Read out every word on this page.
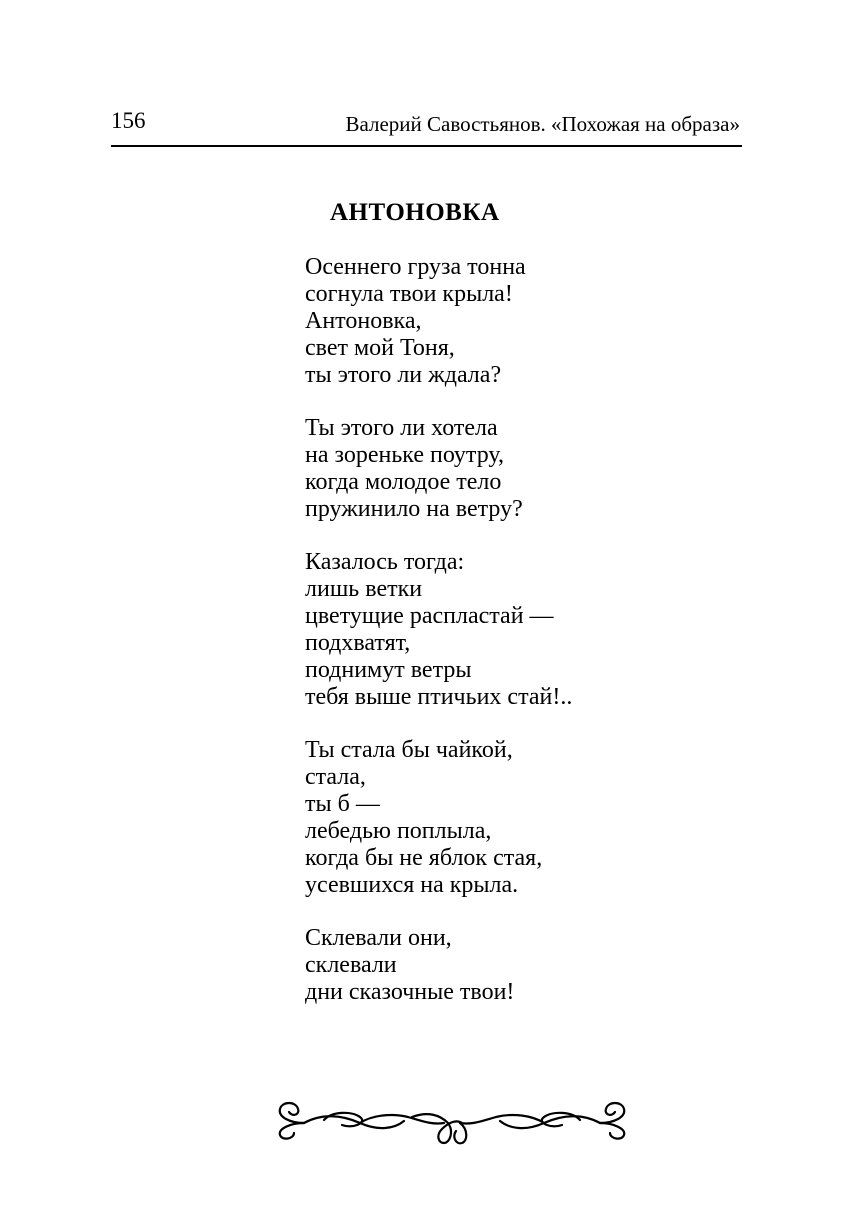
156	Валерий Савостьянов. «Похожая на образа»
АНТОНОВКА
Осеннего груза тонна
согнула твои крыла!
Антоновка,
свет мой Тоня,
ты этого ли ждала?
Ты этого ли хотела
на зореньке поутру,
когда молодое тело
пружинило на ветру?
Казалось тогда:
лишь ветки
цветущие распластай —
подхватят,
поднимут ветры
тебя выше птичьих стай!..
Ты стала бы чайкой,
стала,
ты б —
лебедью поплыла,
когда бы не яблок стая,
усевшихся на крыла.
Склевали они,
склевали
дни сказочные твои!
